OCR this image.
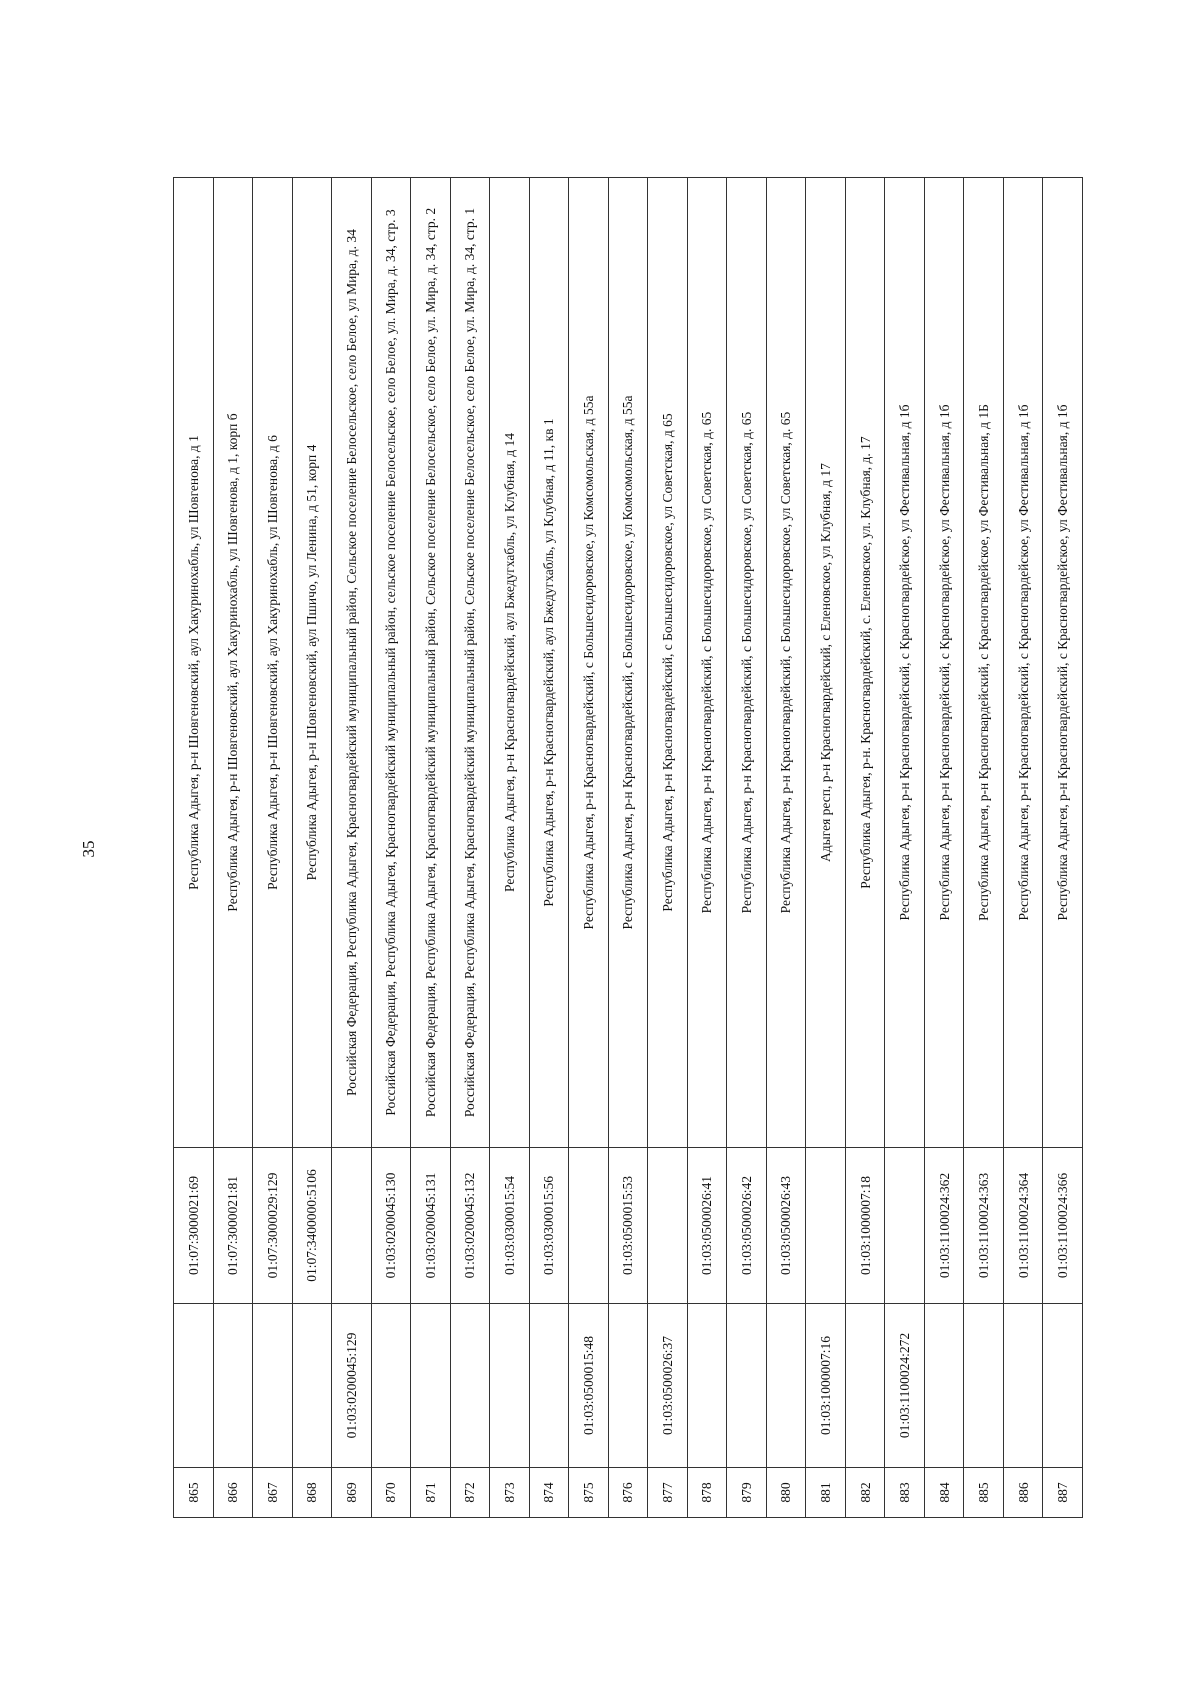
35
865		01:07:3000021:69	Республика Адыгея, р-н Шовгеновский, аул Хакуринохабль, ул Шовгенова, д 1
866		01:07:3000021:81	Республика Адыгея, р-н Шовгеновский, аул Хакуринохабль, ул Шовгенова, д 1, корп б
867		01:07:3000029:129	Республика Адыгея, р-н Шовгеновский, аул Хакуринохабль, ул Шовгенова, д 6
868		01:07:3400000:5106	Республика Адыгея, р-н Шовгеновский, аул Пшичо, ул Ленина, д 51, корп 4
869	01:03:0200045:129		Российская Федерация, Республика Адыгея, Красногвардейский муниципальный район, Сельское поселение Белосельское, село Белое, ул Мира, д. 34
870		01:03:0200045:130	Российская Федерация, Республика Адыгея, Красногвардейский муниципальный район, сельское поселение Белосельское, село Белое, ул. Мира, д. 34, стр. 3
871		01:03:0200045:131	Российская Федерация, Республика Адыгея, Красногвардейский муниципальный район, Сельское поселение Белосельское, село Белое, ул. Мира, д. 34, стр. 2
872		01:03:0200045:132	Российская Федерация, Республика Адыгея, Красногвардейский муниципальный район, Сельское поселение Белосельское, село Белое, ул. Мира, д. 34, стр. 1
873		01:03:0300015:54	Республика Адыгея, р-н Красногвардейский, аул Бжедугхабль, ул Клубная, д 14
874		01:03:0300015:56	Республика Адыгея, р-н Красногвардейский, аул Бжедугхабль, ул Клубная, д 11, кв 1
875	01:03:0500015:48		Республика Адыгея, р-н Красногвардейский, с Большесидоровское, ул Комсомольская, д 55а
876		01:03:0500015:53	Республика Адыгея, р-н Красногвардейский, с Большесидоровское, ул Комсомольская, д 55а
877	01:03:0500026:37		Республика Адыгея, р-н Красногвардейский, с Большесидоровское, ул Советская, д 65
878		01:03:0500026:41	Республика Адыгея, р-н Красногвардейский, с Большесидоровское, ул Советская, д. 65
879		01:03:0500026:42	Республика Адыгея, р-н Красногвардейский, с Большесидоровское, ул Советская, д. 65
880		01:03:0500026:43	Республика Адыгея, р-н Красногвардейский, с Большесидоровское, ул Советская, д. 65
881	01:03:1000007:16		Адыгея респ, р-н Красногвардейский, с Еленовское, ул Клубная, д 17
882		01:03:1000007:18	Республика Адыгея, р-н. Красногвардейский, с. Еленовское, ул. Клубная, д. 17
883	01:03:1100024:272		Республика Адыгея, р-н Красногвардейский, с Красногвардейское, ул Фестивальная, д 1б
884		01:03:1100024:362	Республика Адыгея, р-н Красногвардейский, с Красногвардейское, ул Фестивальная, д 1б
885		01:03:1100024:363	Республика Адыгея, р-н Красногвардейский, с Красногвардейское, ул Фестивальная, д 1Б
886		01:03:1100024:364	Республика Адыгея, р-н Красногвардейский, с Красногвардейское, ул Фестивальная, д 1б
887		01:03:1100024:366	Республика Адыгея, р-н Красногвардейский, с Красногвардейское, ул Фестивальная, д 1б
